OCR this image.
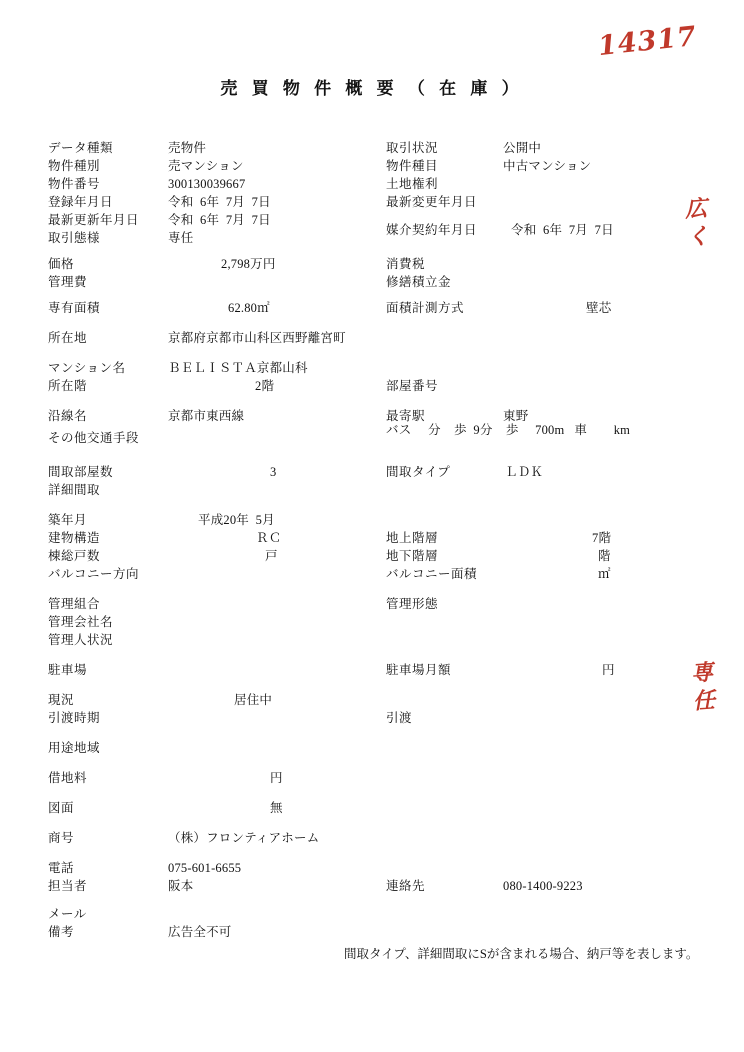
14317
広
く
専
任
売 買 物 件 概 要 （ 在 庫 ）
データ種類	売物件	取引状況	公開中
物件種別	売マンション	物件種目	中古マンション
物件番号	300130039667	土地権利
登録年月日	令和  6年  7月  7日	最新変更年月日
最新更新年月日 令和  6年  7月  7日
取引態様	専任
媒介契約年月日	令和  6年  7月  7日
価格	2,798万円	消費税
管理費	修繕積立金
専有面積	62.80㎡	面積計測方式	壁芯
所在地	京都府京都市山科区西野離宮町
マンション名	ＢＥＬＩＳＴＡ京都山科
所在階	2階	部屋番号
沿線名	京都市東西線	最寄駅	東野
その他交通手段
バス     分    歩  9分    歩     700m   車        km
間取部屋数	3	間取タイプ	ＬＤＫ
詳細間取
築年月	平成20年  5月
建物構造	ＲＣ	地上階層	7階
棟総戸数	戸	地下階層	階
バルコニー方向	バルコニー面積	㎡
管理組合	管理形態
管理会社名
管理人状況
駐車場	駐車場月額	円
現況	居住中
引渡時期	引渡
用途地域
借地料	円
図面	無
商号	（株）フロンティアホーム
電話	075-601-6655
担当者	阪本	連絡先	080-1400-9223
メール
備考	広告全不可
間取タイプ、詳細間取にSが含まれる場合、納戸等を表します。
